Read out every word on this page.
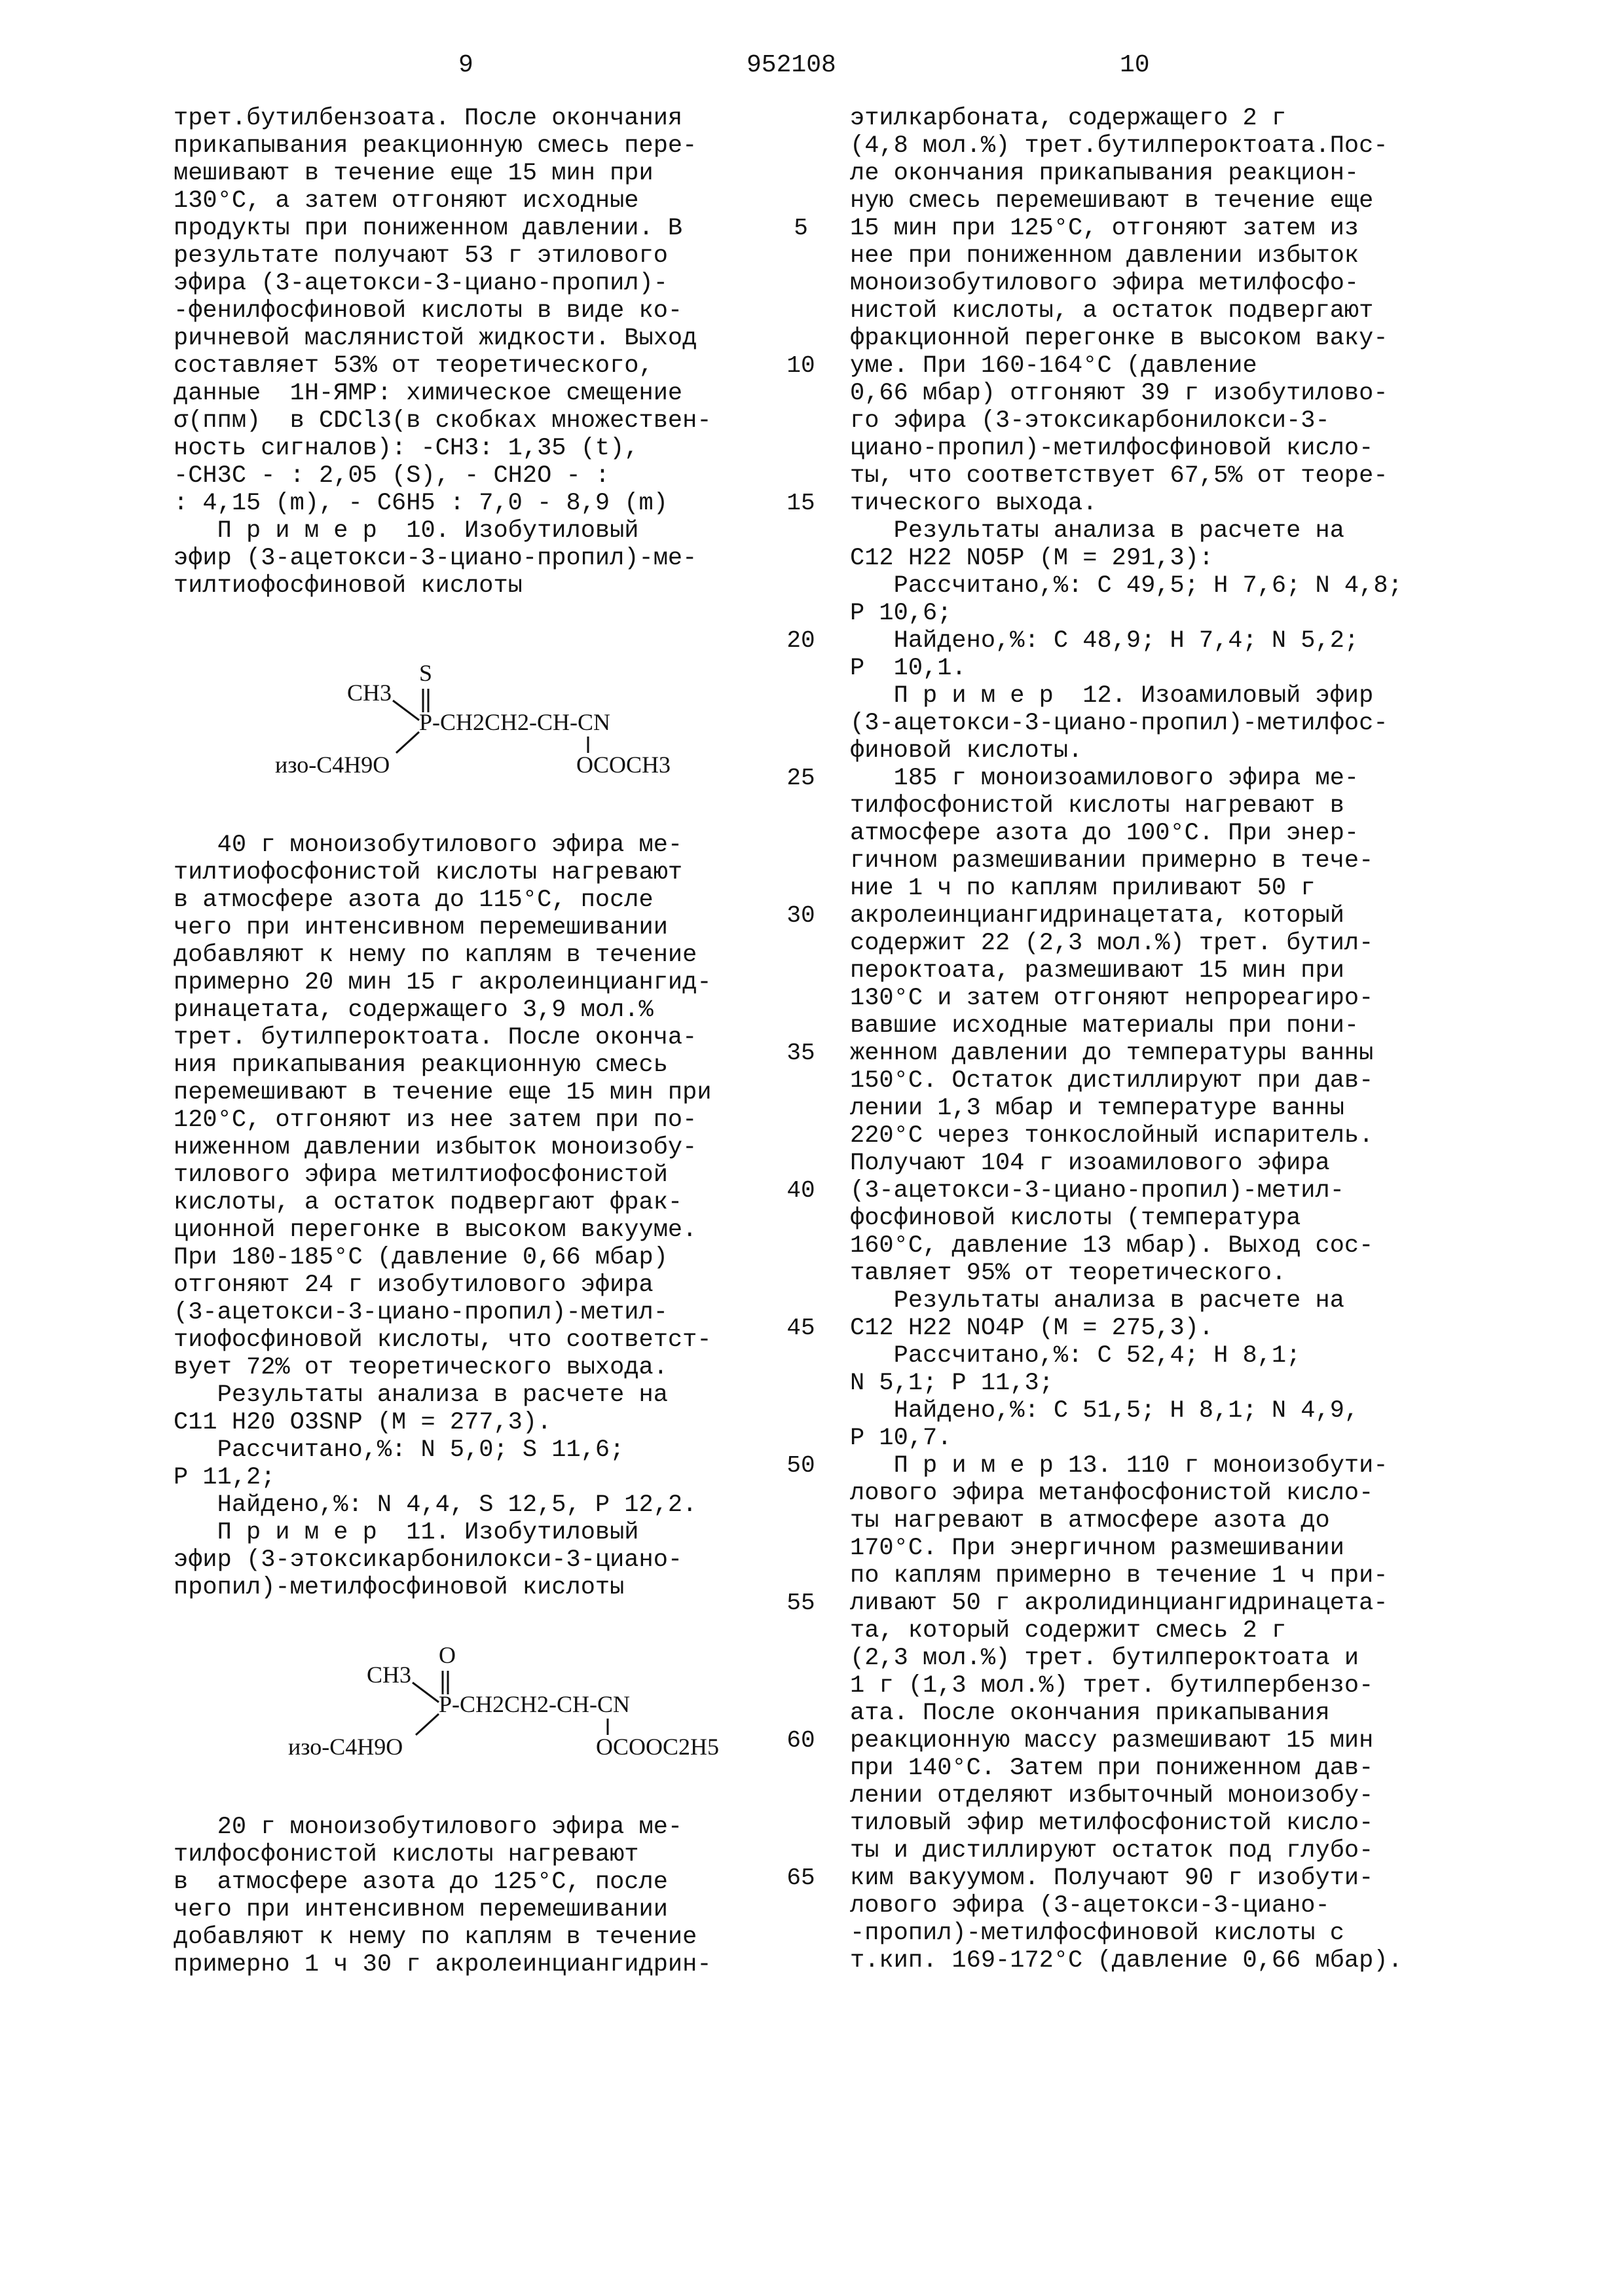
9	952108	10
трет.бутилбензоата. После окончания
прикапывания реакционную смесь пере-
мешивают в течение еще 15 мин при
130°С, а затем отгоняют исходные
продукты при пониженном давлении. В
результате получают 53 г этилового
эфира (3-ацетокси-3-циано-пропил)-
-фенилфосфиновой кислоты в виде ко-
ричневой маслянистой жидкости. Выход
составляет 53% от теоретического,
данные  1H-ЯМР: химическое смещение
σ(ппм)  в CDCl3(в скобках множествен-
ность сигналов): -CH3: 1,35 (t),
-CH3C - : 2,05 (S), - CH2O - :
: 4,15 (m), - C6H5 : 7,0 - 8,9 (m)
П р и м е р  10. Изобутиловый
эфир (3-ацетокси-3-циано-пропил)-ме-
тилтиофосфиновой кислоты
40 г моноизобутилового эфира ме-
тилтиофосфонистой кислоты нагревают
в атмосфере азота до 115°С, после
чего при интенсивном перемешивании
добавляют к нему по каплям в течение
примерно 20 мин 15 г акролеинциангид-
ринацетата, содержащего 3,9 мол.%
трет. бутилпероктоата. После оконча-
ния прикапывания реакционную смесь
перемешивают в течение еще 15 мин при
120°С, отгоняют из нее затем при по-
ниженном давлении избыток моноизобу-
тилового эфира метилтиофосфонистой
кислоты, а остаток подвергают фрак-
ционной перегонке в высоком вакууме.
При 180-185°С (давление 0,66 мбар)
отгоняют 24 г изобутилового эфира
(3-ацетокси-3-циано-пропил)-метил-
тиофосфиновой кислоты, что соответст-
вует 72% от теоретического выхода.
Результаты анализа в расчете на
C11 H20 O3SNP (M = 277,3).
Рассчитано,%: N 5,0; S 11,6;
P 11,2;
Найдено,%: N 4,4, S 12,5, P 12,2.
П р и м е р  11. Изобутиловый
эфир (3-этоксикарбонилокси-3-циано-
пропил)-метилфосфиновой кислоты
20 г моноизобутилового эфира ме-
тилфосфонистой кислоты нагревают
в  атмосфере азота до 125°С, после
чего при интенсивном перемешивании
добавляют к нему по каплям в течение
примерно 1 ч 30 г акролеинциангидрин-
CH3
S
P-CH2CH2-CH-CN
изо-C4H9O	OCOCH3
CH3
O
P-CH2CH2-CH-CN
изо-C4H9O	OCOOC2H5
этилкарбоната, содержащего 2 г
(4,8 мол.%) трет.бутилпероктоата.Пос-
ле окончания прикапывания реакцион-
ную смесь перемешивают в течение еще
15 мин при 125°С, отгоняют затем из
нее при пониженном давлении избыток
моноизобутилового эфира метилфосфо-
нистой кислоты, а остаток подвергают
фракционной перегонке в высоком ваку-
уме. При 160-164°С (давление
0,66 мбар) отгоняют 39 г изобутилово-
го эфира (3-этоксикарбонилокси-3-
циано-пропил)-метилфосфиновой кисло-
ты, что соответствует 67,5% от теоре-
тического выхода.
Результаты анализа в расчете на
C12 H22 NO5P (M = 291,3):
Рассчитано,%: С 49,5; Н 7,6; N 4,8;
P 10,6;
Найдено,%: С 48,9; Н 7,4; N 5,2;
P  10,1.
П р и м е р  12. Изоамиловый эфир
(3-ацетокси-3-циано-пропил)-метилфос-
финовой кислоты.
185 г моноизоамилового эфира ме-
тилфосфонистой кислоты нагревают в
атмосфере азота до 100°С. При энер-
гичном размешивании примерно в тече-
ние 1 ч по каплям приливают 50 г
акролеинциангидринацетата, который
содержит 22 (2,3 мол.%) трет. бутил-
пероктоата, размешивают 15 мин при
130°С и затем отгоняют непрореагиро-
вавшие исходные материалы при пони-
женном давлении до температуры ванны
150°С. Остаток дистиллируют при дав-
лении 1,3 мбар и температуре ванны
220°С через тонкослойный испаритель.
Получают 104 г изоамилового эфира
(3-ацетокси-3-циано-пропил)-метил-
фосфиновой кислоты (температура
160°С, давление 13 мбар). Выход сос-
тавляет 95% от теоретического.
Результаты анализа в расчете на
C12 H22 NO4P (M = 275,3).
Рассчитано,%: С 52,4; Н 8,1;
N 5,1; P 11,3;
Найдено,%: С 51,5; Н 8,1; N 4,9,
P 10,7.
П р и м е р 13. 110 г моноизобути-
лового эфира метанфосфонистой кисло-
ты нагревают в атмосфере азота до
170°С. При энергичном размешивании
по каплям примерно в течение 1 ч при-
ливают 50 г акролидинциангидринацета-
та, который содержит смесь 2 г
(2,3 мол.%) трет. бутилпероктоата и
1 г (1,3 мол.%) трет. бутилпербензо-
ата. После окончания прикапывания
реакционную массу размешивают 15 мин
при 140°С. Затем при пониженном дав-
лении отделяют избыточный моноизобу-
тиловый эфир метилфосфонистой кисло-
ты и дистиллируют остаток под глубо-
ким вакуумом. Получают 90 г изобути-
лового эфира (3-ацетокси-3-циано-
-пропил)-метилфосфиновой кислоты с
т.кип. 169-172°С (давление 0,66 мбар).
5
10
15
20
25
30
35
40
45
50
55
60
65
